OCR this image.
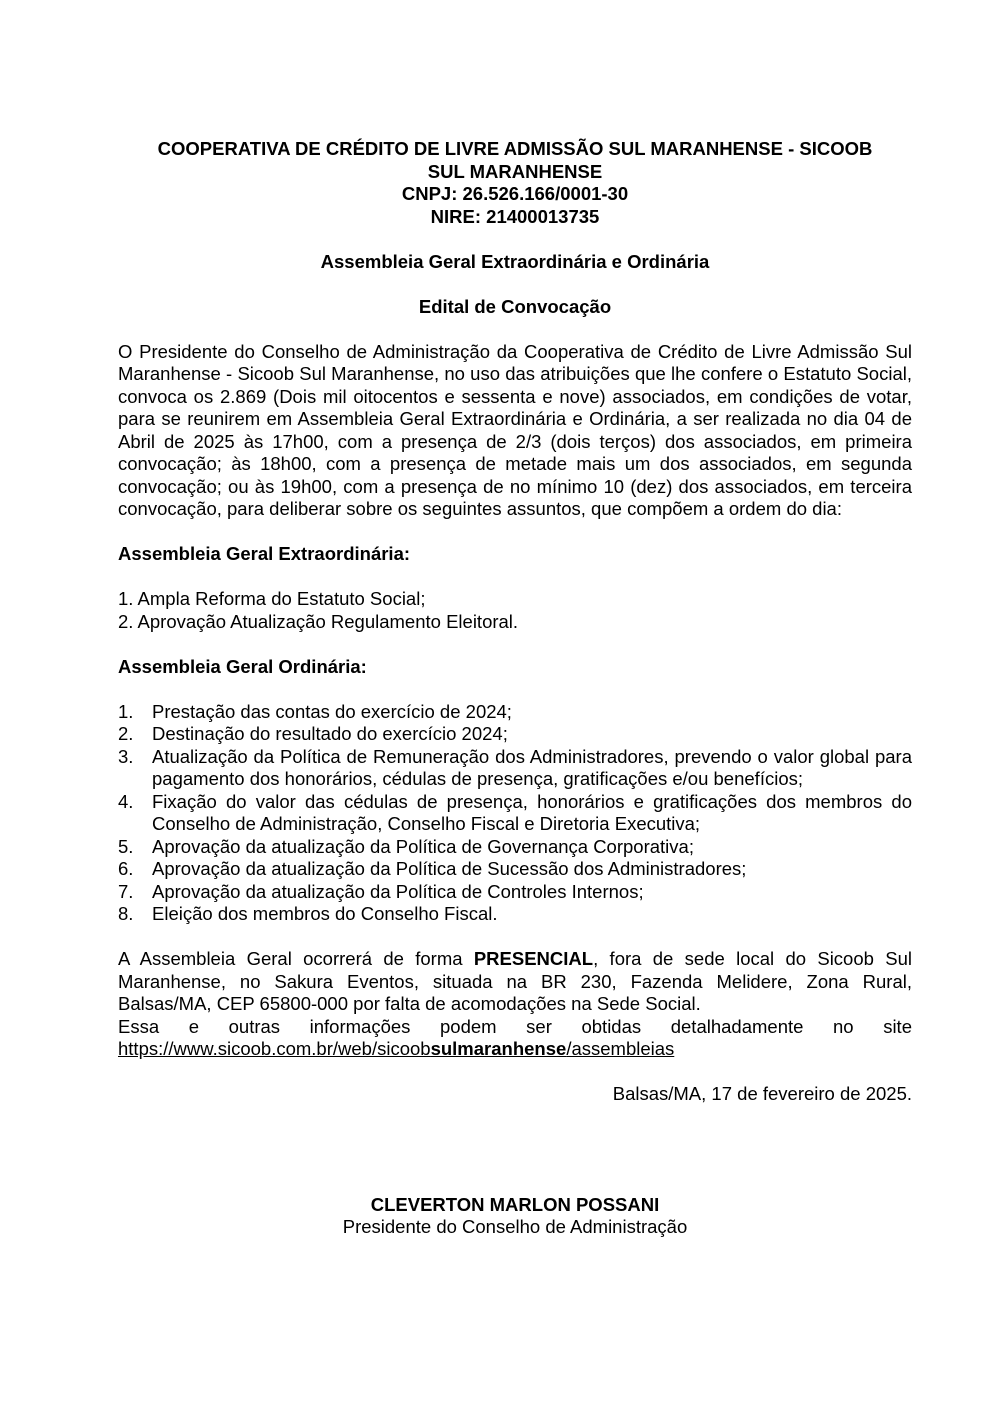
COOPERATIVA DE CRÉDITO DE LIVRE ADMISSÃO SUL MARANHENSE - SICOOB
SUL MARANHENSE
CNPJ: 26.526.166/0001-30
NIRE: 21400013735
Assembleia Geral Extraordinária e Ordinária
Edital de Convocação

O Presidente do Conselho de Administração da Cooperativa de Crédito de Livre Admissão Sul Maranhense - Sicoob Sul Maranhense, no uso das atribuições que lhe confere o Estatuto Social, convoca os 2.869 (Dois mil oitocentos e sessenta e nove) associados, em condições de votar, para se reunirem em Assembleia Geral Extraordinária e Ordinária, a ser realizada no dia 04 de Abril de 2025 às 17h00, com a presença de 2/3 (dois terços) dos associados, em primeira convocação; às 18h00, com a presença de metade mais um dos associados, em segunda convocação; ou às 19h00, com a presença de no mínimo 10 (dez) dos associados, em terceira convocação, para deliberar sobre os seguintes assuntos, que compõem a ordem do dia:

Assembleia Geral Extraordinária:
1. Ampla Reforma do Estatuto Social;
2. Aprovação Atualização Regulamento Eleitoral.
Assembleia Geral Ordinária:
1. Prestação das contas do exercício de 2024;
2. Destinação do resultado do exercício 2024;
3. Atualização da Política de Remuneração dos Administradores, prevendo o valor global para pagamento dos honorários, cédulas de presença, gratificações e/ou benefícios;
4. Fixação do valor das cédulas de presença, honorários e gratificações dos membros do Conselho de Administração, Conselho Fiscal e Diretoria Executiva;
5. Aprovação da atualização da Política de Governança Corporativa;
6. Aprovação da atualização da Política de Sucessão dos Administradores;
7. Aprovação da atualização da Política de Controles Internos;
8. Eleição dos membros do Conselho Fiscal.

A Assembleia Geral ocorrerá de forma PRESENCIAL, fora de sede local do Sicoob Sul Maranhense, no Sakura Eventos, situada na BR 230, Fazenda Melidere, Zona Rural, Balsas/MA, CEP 65800-000 por falta de acomodações na Sede Social.

Essa e outras informações podem ser obtidas detalhadamente no site https://www.sicoob.com.br/web/sicoobsulmaranhense/assembleias

Balsas/MA, 17 de fevereiro de 2025.
CLEVERTON MARLON POSSANI
Presidente do Conselho de Administração
